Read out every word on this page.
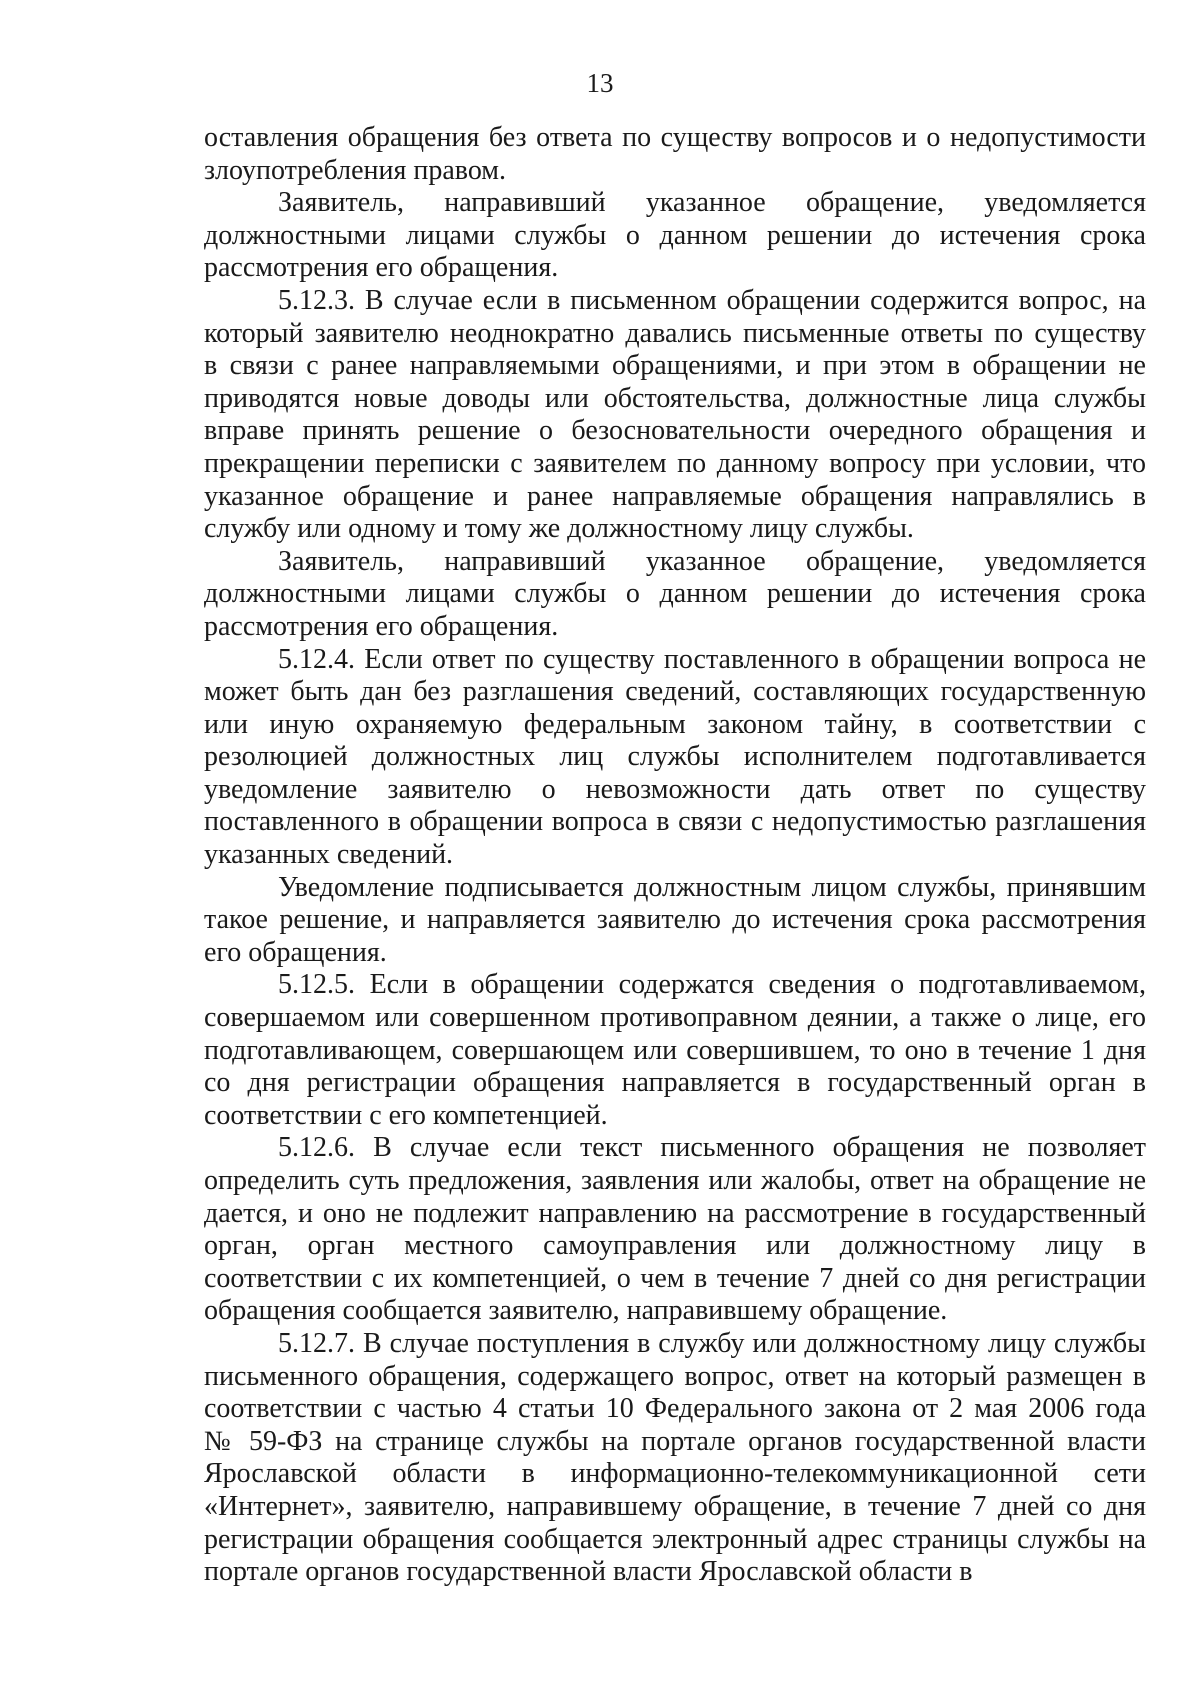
13
оставления обращения без ответа по существу вопросов и о недопустимости
злоупотребления правом.
Заявитель, направивший указанное обращение, уведомляется
должностными лицами службы о данном решении до истечения срока
рассмотрения его обращения.
5.12.3. В случае если в письменном обращении содержится вопрос, на
который заявителю неоднократно давались письменные ответы по существу
в связи с ранее направляемыми обращениями, и при этом в обращении не
приводятся новые доводы или обстоятельства, должностные лица службы
вправе принять решение о безосновательности очередного обращения и
прекращении переписки с заявителем по данному вопросу при условии, что
указанное обращение и ранее направляемые обращения направлялись в
службу или одному и тому же должностному лицу службы.
Заявитель, направивший указанное обращение, уведомляется
должностными лицами службы о данном решении до истечения срока
рассмотрения его обращения.
5.12.4. Если ответ по существу поставленного в обращении вопроса не
может быть дан без разглашения сведений, составляющих государственную
или иную охраняемую федеральным законом тайну, в соответствии с
резолюцией должностных лиц службы исполнителем подготавливается
уведомление заявителю о невозможности дать ответ по существу
поставленного в обращении вопроса в связи с недопустимостью разглашения
указанных сведений.
Уведомление подписывается должностным лицом службы, принявшим
такое решение, и направляется заявителю до истечения срока рассмотрения
его обращения.
5.12.5. Если в обращении содержатся сведения о подготавливаемом,
совершаемом или совершенном противоправном деянии, а также о лице, его
подготавливающем, совершающем или совершившем, то оно в течение 1 дня
со дня регистрации обращения направляется в государственный орган в
соответствии с его компетенцией.
5.12.6. В случае если текст письменного обращения не позволяет
определить суть предложения, заявления или жалобы, ответ на обращение не
дается, и оно не подлежит направлению на рассмотрение в государственный
орган, орган местного самоуправления или должностному лицу в
соответствии с их компетенцией, о чем в течение 7 дней со дня регистрации
обращения сообщается заявителю, направившему обращение.
5.12.7. В случае поступления в службу или должностному лицу службы
письменного обращения, содержащего вопрос, ответ на который размещен в
соответствии с частью 4 статьи 10 Федерального закона от 2 мая 2006 года
№ 59-ФЗ на странице службы на портале органов государственной власти
Ярославской области в информационно-телекоммуникационной сети
«Интернет», заявителю, направившему обращение, в течение 7 дней со дня
регистрации обращения сообщается электронный адрес страницы службы на
портале органов государственной власти Ярославской области в
